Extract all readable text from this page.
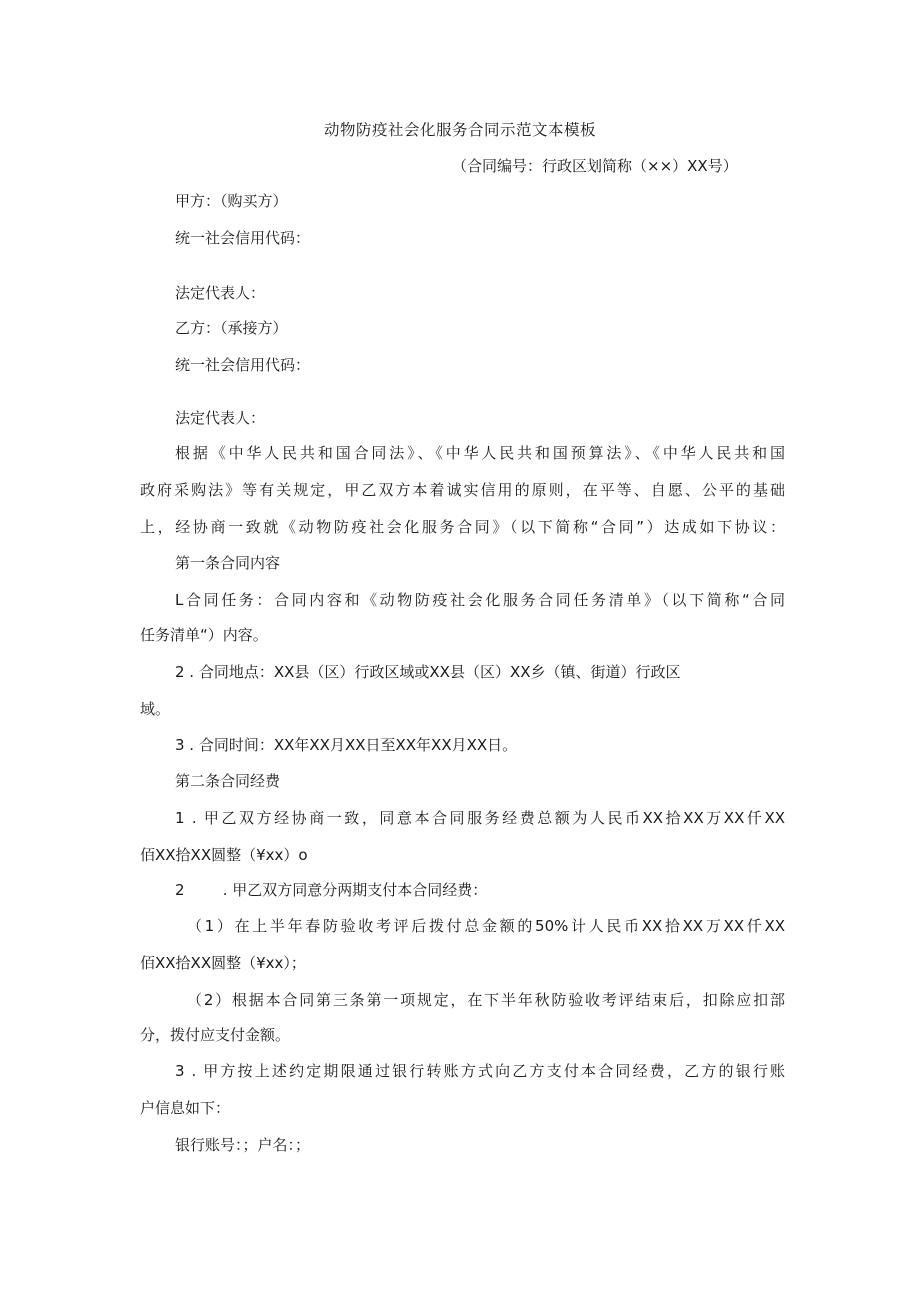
动物防疫社会化服务合同示范文本模板
（合同编号：行政区划简称（××）XX号）
甲方：（购买方）
统一社会信用代码：
法定代表人：
乙方：（承接方）
统一社会信用代码：
法定代表人：
根据《中华人民共和国合同法》、《中华人民共和国预算法》、《中华人民共和国
政府采购法》等有关规定，甲乙双方本着诚实信用的原则，在平等、自愿、公平的基础
上，经协商一致就《动物防疫社会化服务合同》（以下简称“合同”）达成如下协议：
第一条合同内容
L合同任务：合同内容和《动物防疫社会化服务合同任务清单》（以下简称“合同
任务清单“）内容。
2 . 合同地点：XX县（区）行政区域或XX县（区）XX乡（镇、街道）行政区
域。
3 . 合同时间：XX年XX月XX日至XX年XX月XX日。
第二条合同经费
1 . 甲乙双方经协商一致，同意本合同服务经费总额为人民币XX拾XX万XX仟XX
佰XX拾XX圆整（¥xx）o
2        . 甲乙双方同意分两期支付本合同经费：
（1）在上半年春防验收考评后拨付总金额的50%计人民币XX拾XX万XX仟XX
佰XX拾XX圆整（¥xx）；
（2）根据本合同第三条第一项规定，在下半年秋防验收考评结束后，扣除应扣部
分，拨付应支付金额。
3 . 甲方按上述约定期限通过银行转账方式向乙方支付本合同经费，乙方的银行账
户信息如下：
银行账号：；户名：；
